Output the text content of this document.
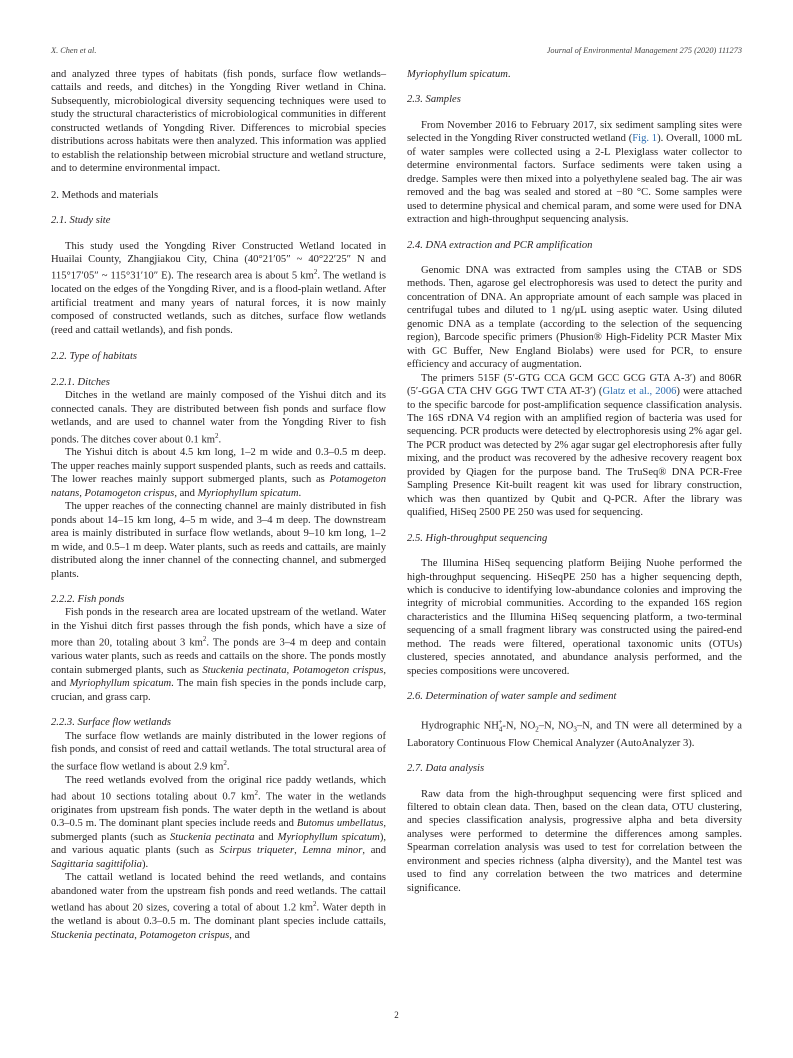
X. Chen et al.	Journal of Environmental Management 275 (2020) 111273

and analyzed three types of habitats (fish ponds, surface flow wetlands–cattails and reeds, and ditches) in the Yongding River wetland in China. Subsequently, microbiological diversity sequencing techniques were used to study the structural characteristics of microbiological communities in different constructed wetlands of Yongding River. Differences to microbial species distributions across habitats were then analyzed. This information was applied to establish the relationship between microbial structure and wetland structure, and to determine environmental impact.

2. Methods and materials

2.1. Study site

This study used the Yongding River Constructed Wetland located in Huailai County, Zhangjiakou City, China (40°21′05″ ~ 40°22′25″ N and 115°17′05″ ~ 115°31′10″ E). The research area is about 5 $km^2$. The wetland is located on the edges of the Yongding River, and is a flood-plain wetland. After artificial treatment and many years of natural forces, it is now mainly composed of constructed wetlands, such as ditches, surface flow wetlands (reed and cattail wetlands), and fish ponds.

2.2. Type of habitats

2.2.1. Ditches

Ditches in the wetland are mainly composed of the Yishui ditch and its connected canals. They are distributed between fish ponds and surface flow wetlands, and are used to channel water from the Yongding River to fish ponds. The ditches cover about 0.1 $km^2$.

The Yishui ditch is about 4.5 km long, 1–2 m wide and 0.3–0.5 m deep. The upper reaches mainly support suspended plants, such as reeds and cattails. The lower reaches mainly support submerged plants, such as Potamogeton natans, Potamogeton crispus, and Myriophyllum spicatum.

The upper reaches of the connecting channel are mainly distributed in fish ponds about 14–15 km long, 4–5 m wide, and 3–4 m deep. The downstream area is mainly distributed in surface flow wetlands, about 9–10 km long, 1–2 m wide, and 0.5–1 m deep. Water plants, such as reeds and cattails, are mainly distributed along the inner channel of the connecting channel, and submerged plants.

2.2.2. Fish ponds

Fish ponds in the research area are located upstream of the wetland. Water in the Yishui ditch first passes through the fish ponds, which have a size of more than 20, totaling about 3 $km^2$. The ponds are 3–4 m deep and contain various water plants, such as reeds and cattails on the shore. The ponds mostly contain submerged plants, such as Stuckenia pectinata, Potamogeton crispus, and Myriophyllum spicatum. The main fish species in the ponds include carp, crucian, and grass carp.

2.2.3. Surface flow wetlands

The surface flow wetlands are mainly distributed in the lower regions of fish ponds, and consist of reed and cattail wetlands. The total structural area of the surface flow wetland is about 2.9 $km^2$.

The reed wetlands evolved from the original rice paddy wetlands, which had about 10 sections totaling about 0.7 $km^2$. The water in the wetlands originates from upstream fish ponds. The water depth in the wetland is about 0.3–0.5 m. The dominant plant species include reeds and Butomus umbellatus, submerged plants (such as Stuckenia pectinata and Myriophyllum spicatum), and various aquatic plants (such as Scirpus triqueter, Lemna minor, and Sagittaria sagittifolia).

The cattail wetland is located behind the reed wetlands, and contains abandoned water from the upstream fish ponds and reed wetlands. The cattail wetland has about 20 sizes, covering a total of about 1.2 $km^2$. Water depth in the wetland is about 0.3–0.5 m. The dominant plant species include cattails, Stuckenia pectinata, Potamogeton crispus, and

Myriophyllum spicatum.

2.3. Samples

From November 2016 to February 2017, six sediment sampling sites were selected in the Yongding River constructed wetland (Fig. 1). Overall, 1000 mL of water samples were collected using a 2-L Plexiglass water collector to determine environmental factors. Surface sediments were taken using a dredge. Samples were then mixed into a polyethylene sealed bag. The air was removed and the bag was sealed and stored at −80 °C. Some samples were used to determine physical and chemical param, and some were used for DNA extraction and high-throughput sequencing analysis.

2.4. DNA extraction and PCR amplification

Genomic DNA was extracted from samples using the CTAB or SDS methods. Then, agarose gel electrophoresis was used to detect the purity and concentration of DNA. An appropriate amount of each sample was placed in centrifugal tubes and diluted to 1 ng/μL using aseptic water. Using diluted genomic DNA as a template (according to the selection of the sequencing region), Barcode specific primers (Phusion® High-Fidelity PCR Master Mix with GC Buffer, New England Biolabs) were used for PCR, to ensure efficiency and accuracy of augmentation.

The primers 515F (5′-GTG CCA GCM GCC GCG GTA A-3′) and 806R (5′-GGA CTA CHV GGG TWT CTA AT-3′) (Glatz et al., 2006) were attached to the specific barcode for post-amplification sequence classification analysis. The 16S rDNA V4 region with an amplified region of bacteria was used for sequencing. PCR products were detected by electrophoresis using 2% agar gel. The PCR product was detected by 2% agar sugar gel electrophoresis after fully mixing, and the product was recovered by the adhesive recovery reagent box provided by Qiagen for the purpose band. The TruSeq® DNA PCR-Free Sampling Presence Kit-built reagent kit was used for library construction, which was then quantized by Qubit and Q-PCR. After the library was qualified, HiSeq 2500 PE 250 was used for sequencing.

2.5. High-throughput sequencing

The Illumina HiSeq sequencing platform Beijing Nuohe performed the high-throughput sequencing. HiSeqPE 250 has a higher sequencing depth, which is conducive to identifying low-abundance colonies and improving the integrity of microbial communities. According to the expanded 16S region characteristics and the Illumina HiSeq sequencing platform, a two-terminal sequencing of a small fragment library was constructed using the paired-end method. The reads were filtered, operational taxonomic units (OTUs) clustered, species annotated, and abundance analysis performed, and the species compositions were uncovered.

2.6. Determination of water sample and sediment

Hydrographic $NH_4^+-N$, $NO_2-N$, $NO_3-N$, and TN were all determined by a Laboratory Continuous Flow Chemical Analyzer (AutoAnalyzer 3).

2.7. Data analysis

Raw data from the high-throughput sequencing were first spliced and filtered to obtain clean data. Then, based on the clean data, OTU clustering, and species classification analysis, progressive alpha and beta diversity analyses were performed to determine the differences among samples. Spearman correlation analysis was used to test for correlation between the environment and species richness (alpha diversity), and the Mantel test was used to find any correlation between the two matrices and determine significance.

2
